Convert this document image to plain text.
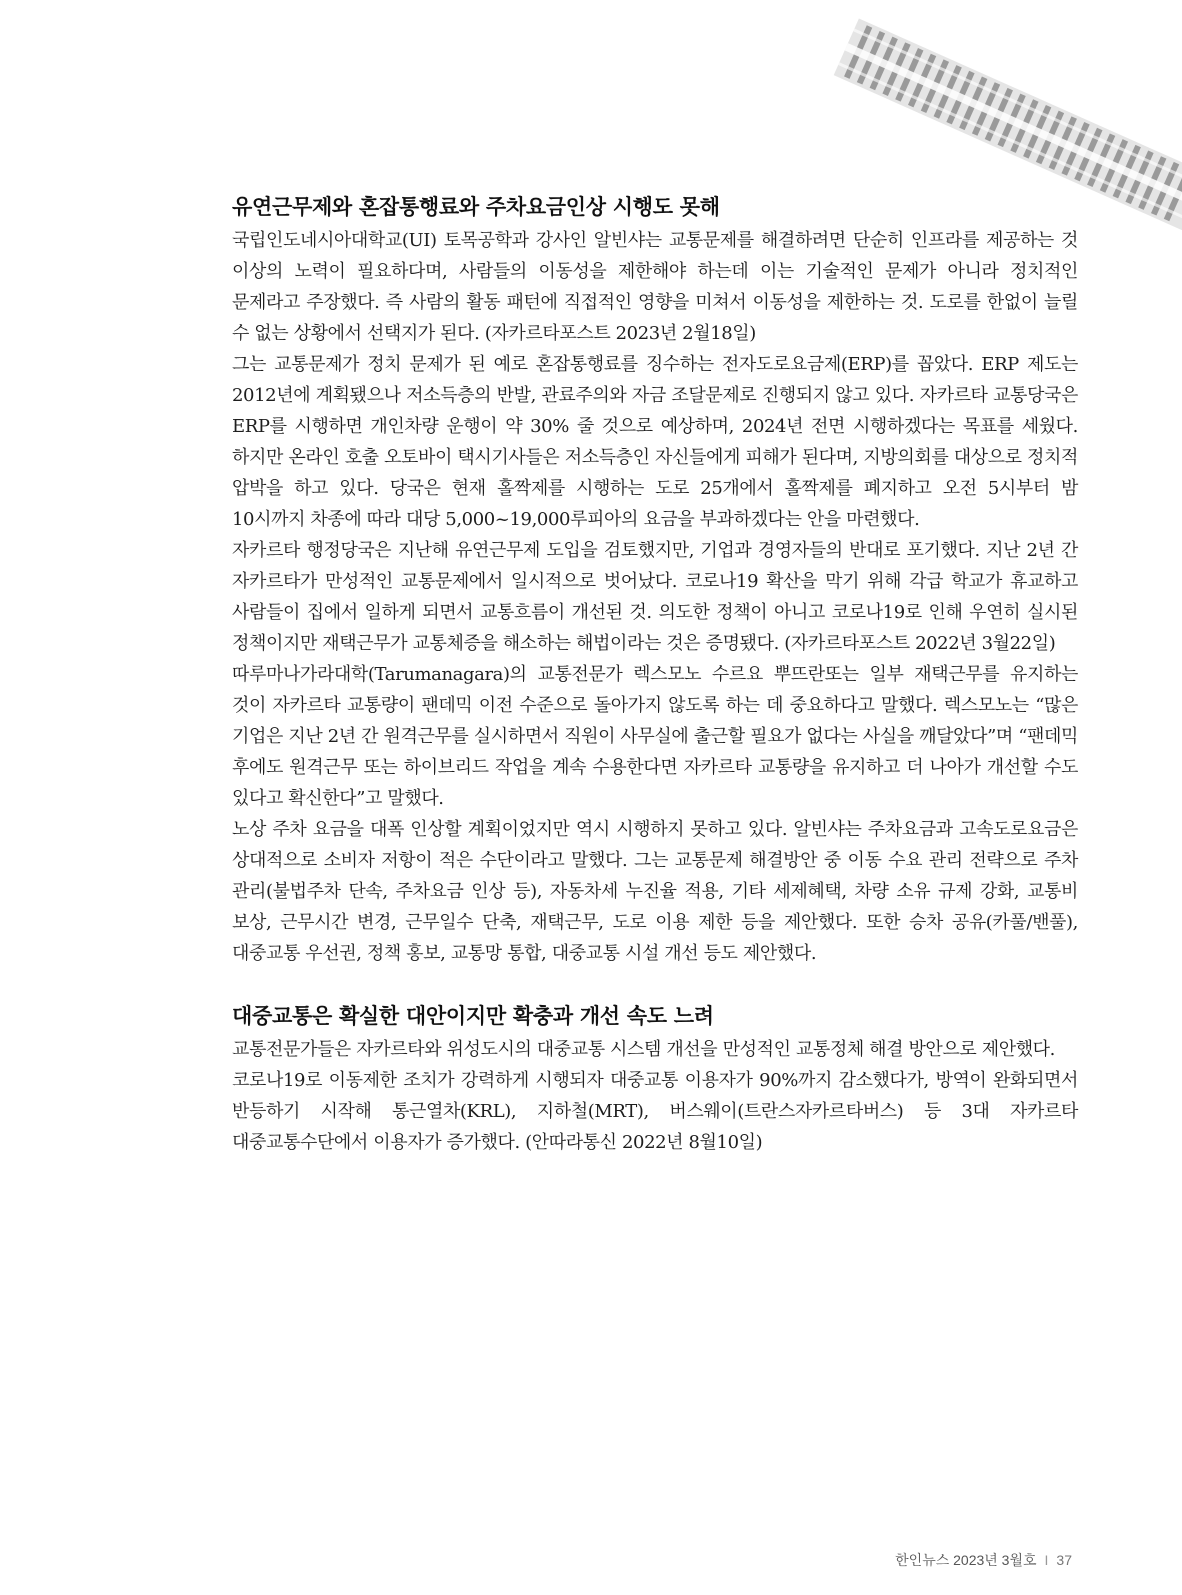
유연근무제와 혼잡통행료와 주차요금인상 시행도 못해

국립인도네시아대학교(UI) 토목공학과 강사인 알빈샤는 교통문제를 해결하려면 단순히 인프라를 제공하는 것 이상의 노력이 필요하다며, 사람들의 이동성을 제한해야 하는데 이는 기술적인 문제가 아니라 정치적인 문제라고 주장했다. 즉 사람의 활동 패턴에 직접적인 영향을 미쳐서 이동성을 제한하는 것. 도로를 한없이 늘릴 수 없는 상황에서 선택지가 된다. (자카르타포스트 2023년 2월18일)

그는 교통문제가 정치 문제가 된 예로 혼잡통행료를 징수하는 전자도로요금제(ERP)를 꼽았다. ERP 제도는 2012년에 계획됐으나 저소득층의 반발, 관료주의와 자금 조달문제로 진행되지 않고 있다. 자카르타 교통당국은 ERP를 시행하면 개인차량 운행이 약 30% 줄 것으로 예상하며, 2024년 전면 시행하겠다는 목표를 세웠다. 하지만 온라인 호출 오토바이 택시기사들은 저소득층인 자신들에게 피해가 된다며, 지방의회를 대상으로 정치적 압박을 하고 있다. 당국은 현재 홀짝제를 시행하는 도로 25개에서 홀짝제를 폐지하고 오전 5시부터 밤 10시까지 차종에 따라 대당 5,000~19,000루피아의 요금을 부과하겠다는 안을 마련했다.

자카르타 행정당국은 지난해 유연근무제 도입을 검토했지만, 기업과 경영자들의 반대로 포기했다. 지난 2년 간 자카르타가 만성적인 교통문제에서 일시적으로 벗어났다. 코로나19 확산을 막기 위해 각급 학교가 휴교하고 사람들이 집에서 일하게 되면서 교통흐름이 개선된 것. 의도한 정책이 아니고 코로나19로 인해 우연히 실시된 정책이지만 재택근무가 교통체증을 해소하는 해법이라는 것은 증명됐다. (자카르타포스트 2022년 3월22일)

따루마나가라대학(Tarumanagara)의 교통전문가 렉스모노 수르요 뿌뜨란또는 일부 재택근무를 유지하는 것이 자카르타 교통량이 팬데믹 이전 수준으로 돌아가지 않도록 하는 데 중요하다고 말했다. 렉스모노는 “많은 기업은 지난 2년 간 원격근무를 실시하면서 직원이 사무실에 출근할 필요가 없다는 사실을 깨달았다”며 “팬데믹 후에도 원격근무 또는 하이브리드 작업을 계속 수용한다면 자카르타 교통량을 유지하고 더 나아가 개선할 수도 있다고 확신한다”고 말했다.

노상 주차 요금을 대폭 인상할 계획이었지만 역시 시행하지 못하고 있다. 알빈샤는 주차요금과 고속도로요금은 상대적으로 소비자 저항이 적은 수단이라고 말했다. 그는 교통문제 해결방안 중 이동 수요 관리 전략으로 주차 관리(불법주차 단속, 주차요금 인상 등), 자동차세 누진율 적용, 기타 세제혜택, 차량 소유 규제 강화, 교통비 보상, 근무시간 변경, 근무일수 단축, 재택근무, 도로 이용 제한 등을 제안했다. 또한 승차 공유(카풀/밴풀), 대중교통 우선권, 정책 홍보, 교통망 통합, 대중교통 시설 개선 등도 제안했다.

대중교통은 확실한 대안이지만 확충과 개선 속도 느려

교통전문가들은 자카르타와 위성도시의 대중교통 시스템 개선을 만성적인 교통정체 해결 방안으로 제안했다.

코로나19로 이동제한 조치가 강력하게 시행되자 대중교통 이용자가 90%까지 감소했다가, 방역이 완화되면서 반등하기 시작해 통근열차(KRL), 지하철(MRT), 버스웨이(트란스자카르타버스) 등 3대 자카르타 대중교통수단에서 이용자가 증가했다. (안따라통신 2022년 8월10일)

한인뉴스 2023년 3월호 I 37
